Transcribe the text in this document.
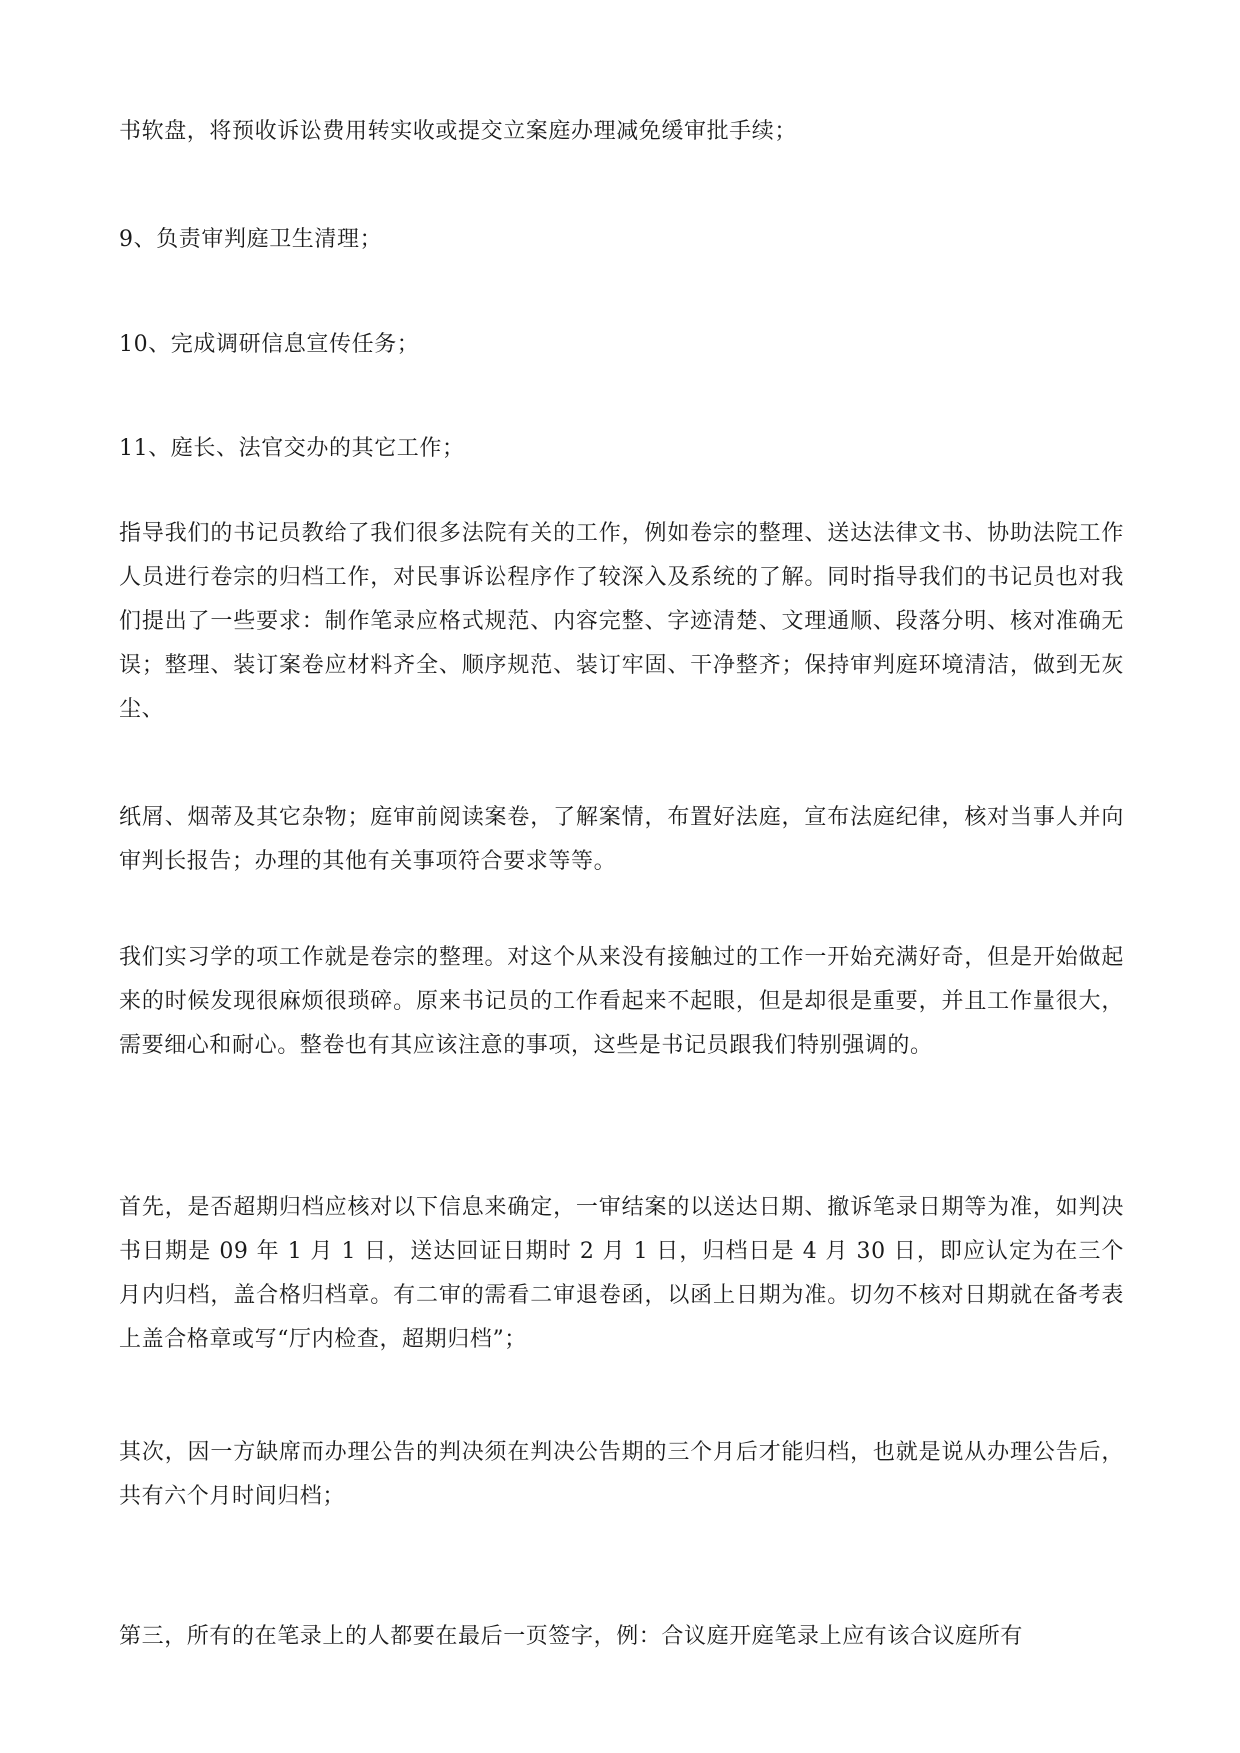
书软盘，将预收诉讼费用转实收或提交立案庭办理减免缓审批手续；

9、负责审判庭卫生清理；

10、完成调研信息宣传任务；

11、庭长、法官交办的其它工作；

指导我们的书记员教给了我们很多法院有关的工作，例如卷宗的整理、送达法律文书、协助法院工作人员进行卷宗的归档工作，对民事诉讼程序作了较深入及系统的了解。同时指导我们的书记员也对我们提出了一些要求：制作笔录应格式规范、内容完整、字迹清楚、文理通顺、段落分明、核对准确无误；整理、装订案卷应材料齐全、顺序规范、装订牢固、干净整齐；保持审判庭环境清洁，做到无灰尘、

纸屑、烟蒂及其它杂物；庭审前阅读案卷，了解案情，布置好法庭，宣布法庭纪律，核对当事人并向审判长报告；办理的其他有关事项符合要求等等。

我们实习学的项工作就是卷宗的整理。对这个从来没有接触过的工作一开始充满好奇，但是开始做起来的时候发现很麻烦很琐碎。原来书记员的工作看起来不起眼，但是却很是重要，并且工作量很大，需要细心和耐心。整卷也有其应该注意的事项，这些是书记员跟我们特别强调的。

首先，是否超期归档应核对以下信息来确定，一审结案的以送达日期、撤诉笔录日期等为准，如判决书日期是 09 年 1 月 1 日，送达回证日期时 2 月 1 日，归档日是 4 月 30 日，即应认定为在三个月内归档，盖合格归档章。有二审的需看二审退卷函，以函上日期为准。切勿不核对日期就在备考表上盖合格章或写“厅内检查，超期归档”；

其次，因一方缺席而办理公告的判决须在判决公告期的三个月后才能归档，也就是说从办理公告后，共有六个月时间归档；

第三，所有的在笔录上的人都要在最后一页签字，例：合议庭开庭笔录上应有该合议庭所有
